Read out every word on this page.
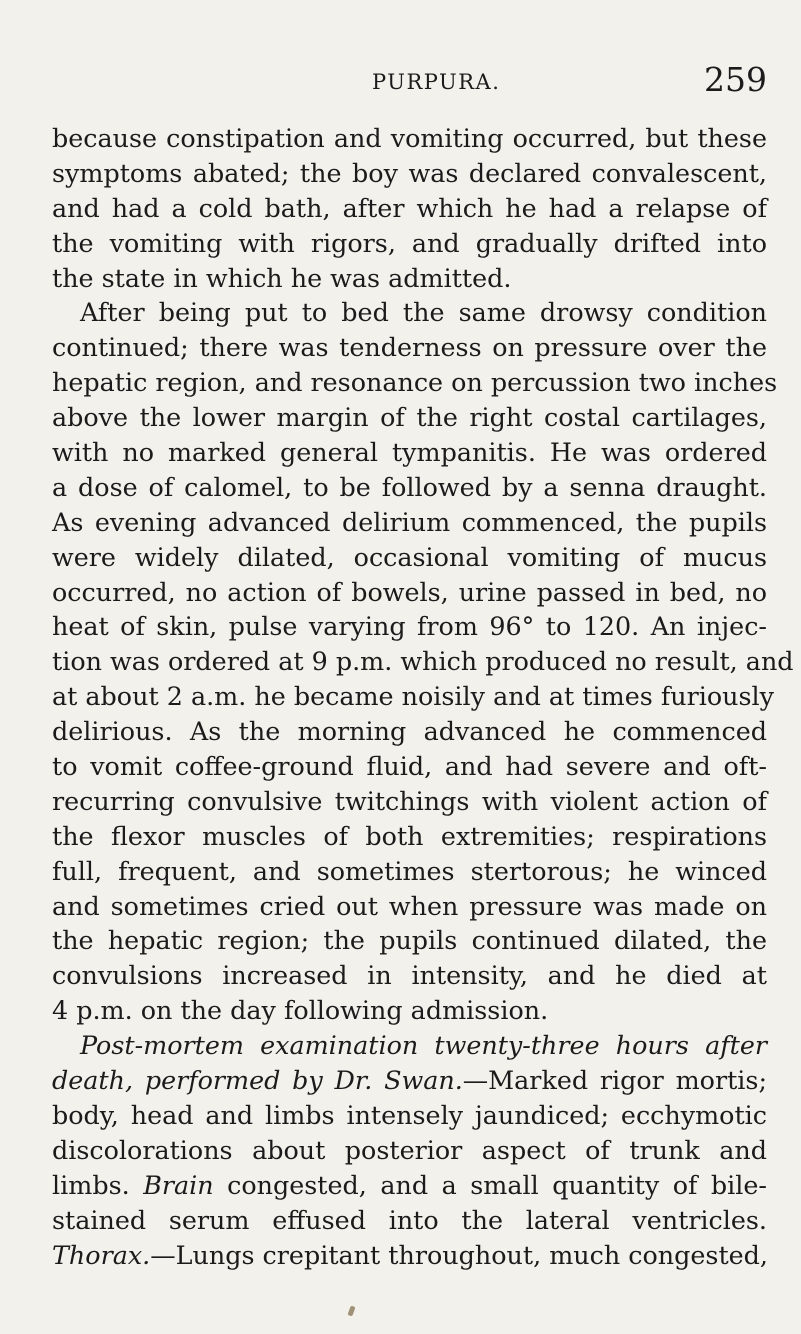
PURPURA.	259
because constipation and vomiting occurred, but these
symptoms abated; the boy was declared convalescent,
and had a cold bath, after which he had a relapse of
the vomiting with rigors, and gradually drifted into
the state in which he was admitted.
After being put to bed the same drowsy condition
continued; there was tenderness on pressure over the
hepatic region, and resonance on percussion two inches
above the lower margin of the right costal cartilages,
with no marked general tympanitis. He was ordered
a dose of calomel, to be followed by a senna draught.
As evening advanced delirium commenced, the pupils
were widely dilated, occasional vomiting of mucus
occurred, no action of bowels, urine passed in bed, no
heat of skin, pulse varying from 96° to 120. An injec-
tion was ordered at 9 p.m. which produced no result, and
at about 2 a.m. he became noisily and at times furiously
delirious. As the morning advanced he commenced
to vomit coffee-ground fluid, and had severe and oft-
recurring convulsive twitchings with violent action of
the flexor muscles of both extremities; respirations
full, frequent, and sometimes stertorous; he winced
and sometimes cried out when pressure was made on
the hepatic region; the pupils continued dilated, the
convulsions increased in intensity, and he died at
4 p.m. on the day following admission.
Post-mortem examination twenty-three hours after
death, performed by Dr. Swan.—Marked rigor mortis;
body, head and limbs intensely jaundiced; ecchymotic
discolorations about posterior aspect of trunk and
limbs. Brain congested, and a small quantity of bile-
stained serum effused into the lateral ventricles.
Thorax.—Lungs crepitant throughout, much congested,
